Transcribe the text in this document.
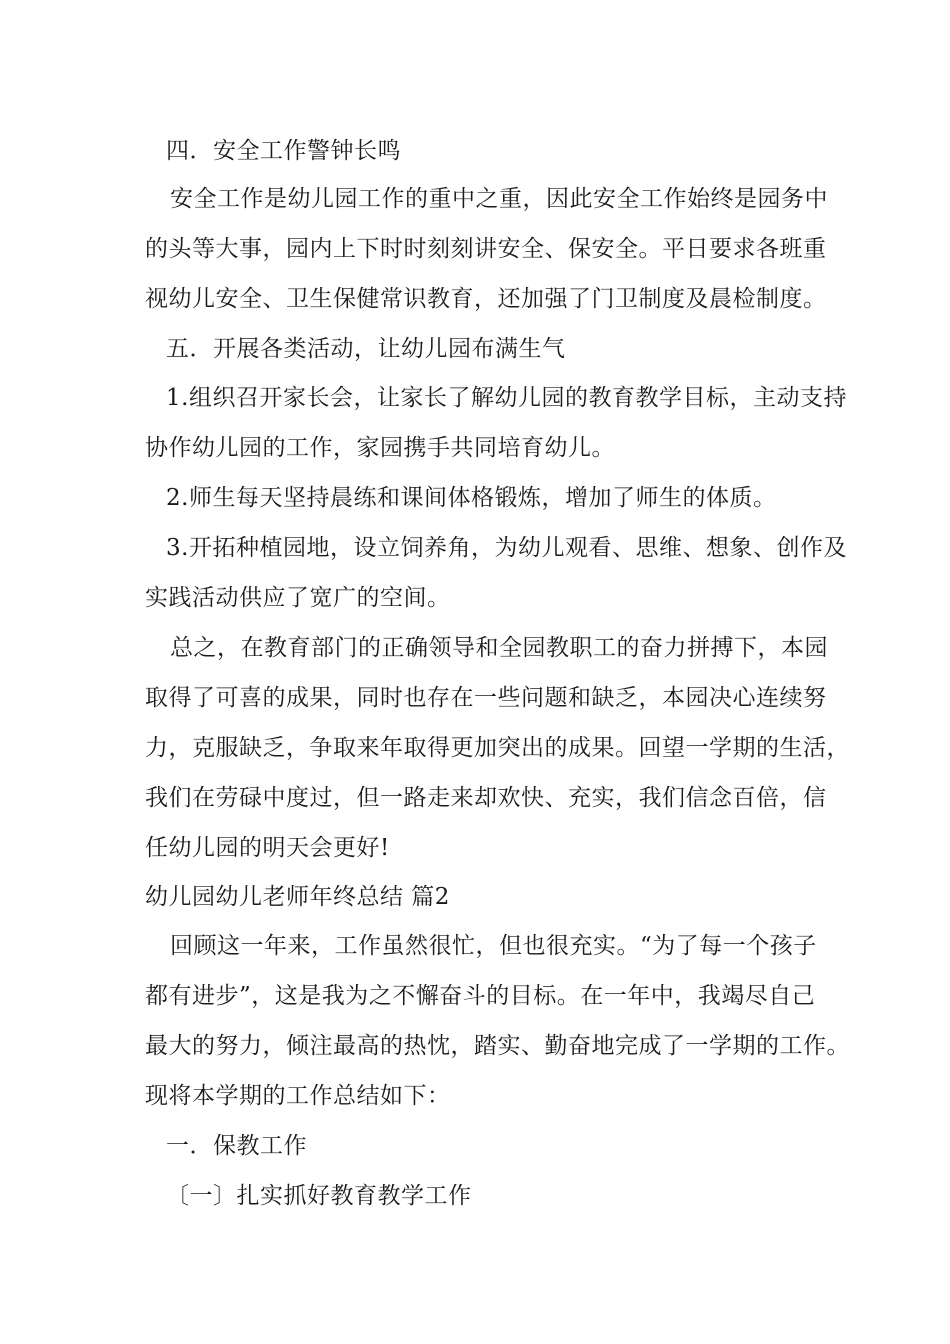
四．安全工作警钟长鸣
安全工作是幼儿园工作的重中之重，因此安全工作始终是园务中
的头等大事，园内上下时时刻刻讲安全、保安全。平日要求各班重
视幼儿安全、卫生保健常识教育，还加强了门卫制度及晨检制度。
五．开展各类活动，让幼儿园布满生气
1.组织召开家长会，让家长了解幼儿园的教育教学目标，主动支持
协作幼儿园的工作，家园携手共同培育幼儿。
2.师生每天坚持晨练和课间体格锻炼，增加了师生的体质。
3.开拓种植园地，设立饲养角，为幼儿观看、思维、想象、创作及
实践活动供应了宽广的空间。
总之，在教育部门的正确领导和全园教职工的奋力拼搏下，本园
取得了可喜的成果，同时也存在一些问题和缺乏，本园决心连续努
力，克服缺乏，争取来年取得更加突出的成果。回望一学期的生活，
我们在劳碌中度过，但一路走来却欢快、充实，我们信念百倍，信
任幼儿园的明天会更好!
幼儿园幼儿老师年终总结 篇2
回顾这一年来，工作虽然很忙，但也很充实。“为了每一个孩子
都有进步”，这是我为之不懈奋斗的目标。在一年中，我竭尽自己
最大的努力，倾注最高的热忱，踏实、勤奋地完成了一学期的工作。
现将本学期的工作总结如下：
一．保教工作
〔一〕扎实抓好教育教学工作
